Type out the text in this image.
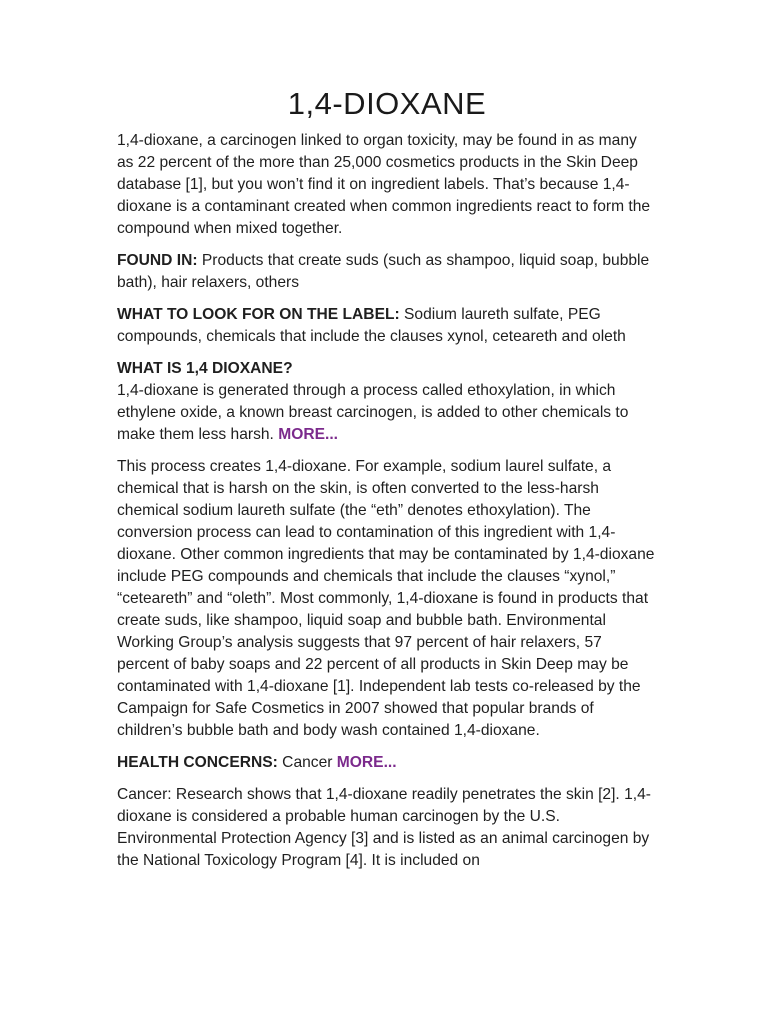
1,4-DIOXANE

1,4-dioxane, a carcinogen linked to organ toxicity, may be found in as many as 22 percent of the more than 25,000 cosmetics products in the Skin Deep database [1], but you won’t find it on ingredient labels. That’s because 1,4-dioxane is a contaminant created when common ingredients react to form the compound when mixed together.

FOUND IN: Products that create suds (such as shampoo, liquid soap, bubble bath), hair relaxers, others

WHAT TO LOOK FOR ON THE LABEL: Sodium laureth sulfate, PEG compounds, chemicals that include the clauses xynol, ceteareth and oleth

WHAT IS 1,4 DIOXANE?
1,4-dioxane is generated through a process called ethoxylation, in which ethylene oxide, a known breast carcinogen, is added to other chemicals to make them less harsh. MORE...

This process creates 1,4-dioxane. For example, sodium laurel sulfate, a chemical that is harsh on the skin, is often converted to the less-harsh chemical sodium laureth sulfate (the “eth” denotes ethoxylation). The conversion process can lead to contamination of this ingredient with 1,4-dioxane. Other common ingredients that may be contaminated by 1,4-dioxane include PEG compounds and chemicals that include the clauses “xynol,” “ceteareth” and “oleth”. Most commonly, 1,4-dioxane is found in products that create suds, like shampoo, liquid soap and bubble bath. Environmental Working Group’s analysis suggests that 97 percent of hair relaxers, 57 percent of baby soaps and 22 percent of all products in Skin Deep may be contaminated with 1,4-dioxane [1]. Independent lab tests co-released by the Campaign for Safe Cosmetics in 2007 showed that popular brands of children’s bubble bath and body wash contained 1,4-dioxane.

HEALTH CONCERNS: Cancer MORE...

Cancer: Research shows that 1,4-dioxane readily penetrates the skin [2]. 1,4-dioxane is considered a probable human carcinogen by the U.S. Environmental Protection Agency [3] and is listed as an animal carcinogen by the National Toxicology Program [4]. It is included on
